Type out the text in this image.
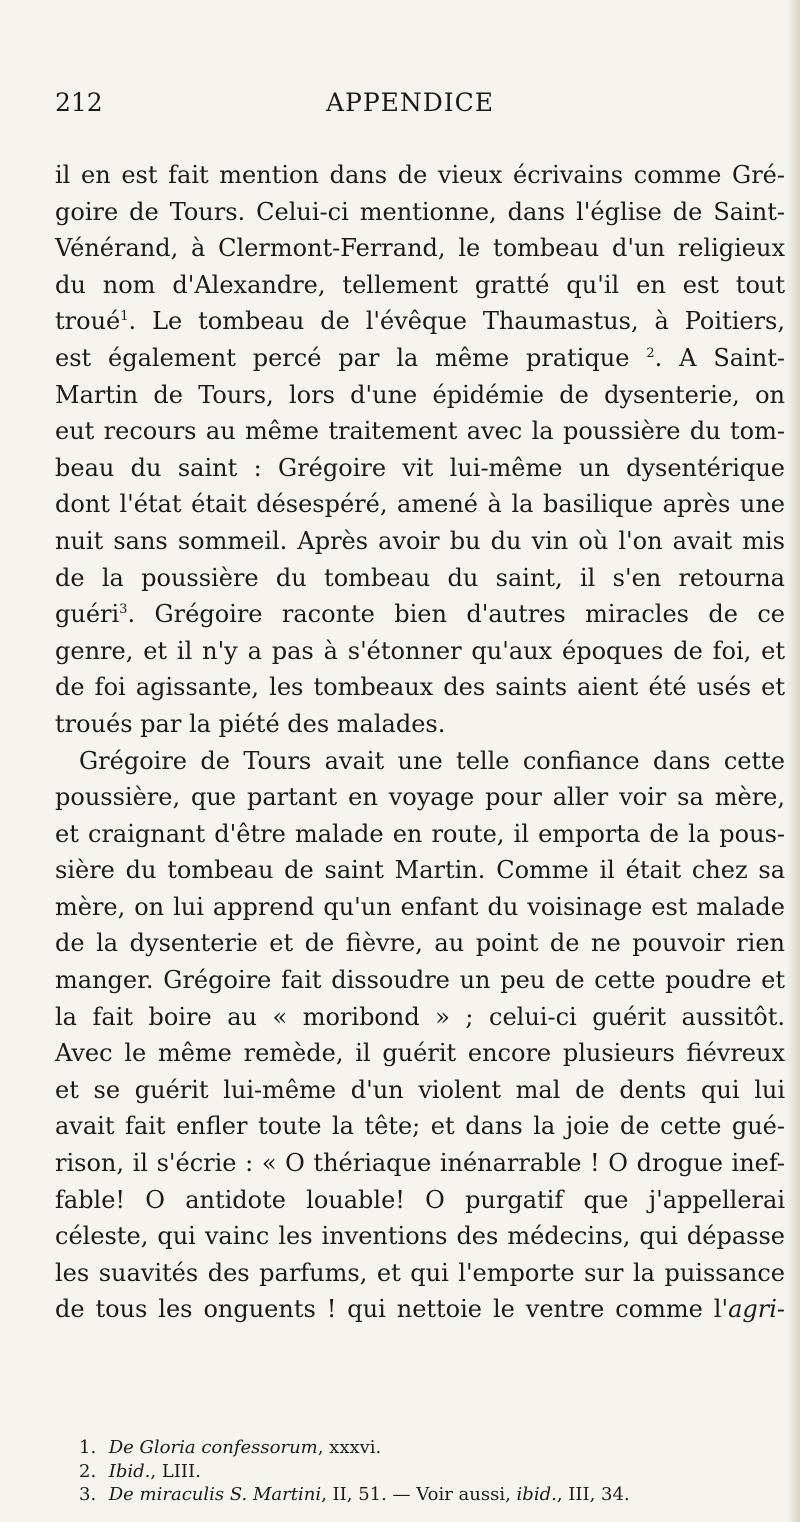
212	APPENDICE
il en est fait mention dans de vieux écrivains comme Gré-
goire de Tours. Celui-ci mentionne, dans l'église de Saint-
Vénérand, à Clermont-Ferrand, le tombeau d'un religieux
du nom d'Alexandre, tellement gratté qu'il en est tout
troué$^1$. Le tombeau de l'évêque Thaumastus, à Poitiers,
est également percé par la même pratique $^2$. A Saint-
Martin de Tours, lors d'une épidémie de dysenterie, on
eut recours au même traitement avec la poussière du tom-
beau du saint : Grégoire vit lui-même un dysentérique
dont l'état était désespéré, amené à la basilique après une
nuit sans sommeil. Après avoir bu du vin où l'on avait mis
de la poussière du tombeau du saint, il s'en retourna
guéri$^3$. Grégoire raconte bien d'autres miracles de ce
genre, et il n'y a pas à s'étonner qu'aux époques de foi, et
de foi agissante, les tombeaux des saints aient été usés et
troués par la piété des malades.
Grégoire de Tours avait une telle confiance dans cette
poussière, que partant en voyage pour aller voir sa mère,
et craignant d'être malade en route, il emporta de la pous-
sière du tombeau de saint Martin. Comme il était chez sa
mère, on lui apprend qu'un enfant du voisinage est malade
de la dysenterie et de fièvre, au point de ne pouvoir rien
manger. Grégoire fait dissoudre un peu de cette poudre et
la fait boire au « moribond » ; celui-ci guérit aussitôt.
Avec le même remède, il guérit encore plusieurs fiévreux
et se guérit lui-même d'un violent mal de dents qui lui
avait fait enfler toute la tête; et dans la joie de cette gué-
rison, il s'écrie : « O thériaque inénarrable ! O drogue inef-
fable! O antidote louable! O purgatif que j'appellerai
céleste, qui vainc les inventions des médecins, qui dépasse
les suavités des parfums, et qui l'emporte sur la puissance
de tous les onguents ! qui nettoie le ventre comme l'agri-
1. De Gloria confessorum, xxxvi.
2. Ibid., LIII.
3. De miraculis S. Martini, II, 51. — Voir aussi, ibid., III, 34.
